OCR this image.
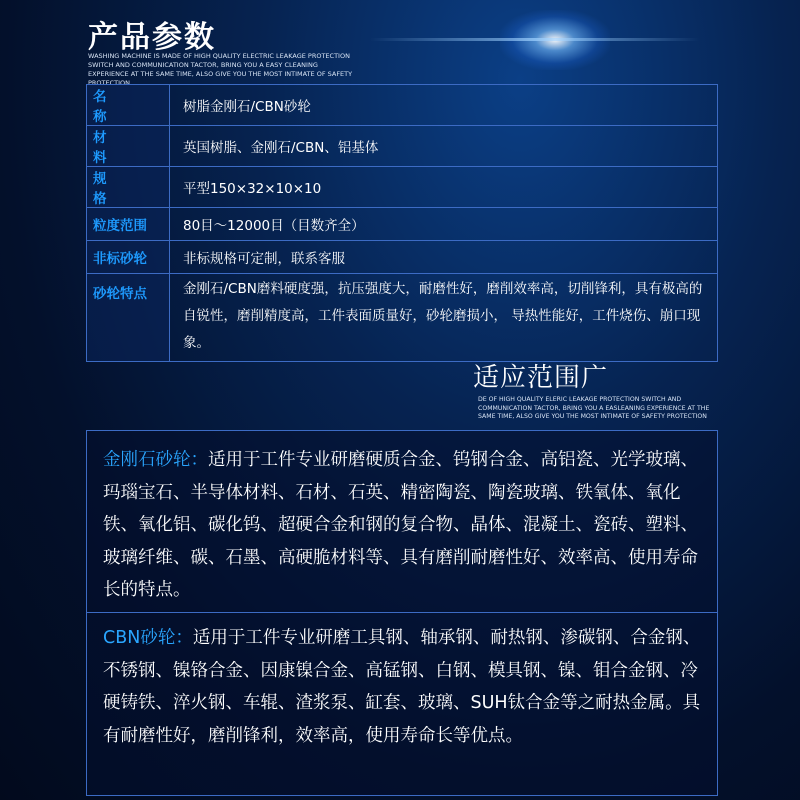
产品参数
WASHING MACHINE IS MADE OF HIGH QUALITY ELECTRIC LEAKAGE PROTECTION SWITCH AND COMMUNICATION TACTOR, BRING YOU A EASY CLEANING EXPERIENCE AT THE SAME TIME, ALSO GIVE YOU THE MOST INTIMATE OF SAFETY PROTECTION
名称	树脂金刚石/CBN砂轮
材料	英国树脂、金刚石/CBN、铝基体
规格	平型150×32×10×10
粒度范围	80目～12000目（目数齐全）
非标砂轮	非标规格可定制，联系客服
砂轮特点	金刚石/CBN磨料硬度强，抗压强度大，耐磨性好，磨削效率高，切削锋利，具有极高的自锐性，磨削精度高，工件表面质量好，砂轮磨损小， 导热性能好，工件烧伤、崩口现象。
适应范围广
DE OF HIGH QUALITY ELERIC LEAKAGE PROTECTION SWITCH AND COMMUNICATION TACTOR, BRING YOU A EASLEANING EXPERIENCE AT THE SAME TIME, ALSO GIVE YOU THE MOST INTIMATE OF SAFETY PROTECTION
金刚石砂轮：适用于工件专业研磨硬质合金、钨钢合金、高铝瓷、光学玻璃、玛瑙宝石、半导体材料、石材、石英、精密陶瓷、陶瓷玻璃、铁氧体、氧化铁、氧化铝、碳化钨、超硬合金和钢的复合物、晶体、混凝土、瓷砖、塑料、玻璃纤维、碳、石墨、高硬脆材料等、具有磨削耐磨性好、效率高、使用寿命长的特点。
CBN砂轮：适用于工件专业研磨工具钢、轴承钢、耐热钢、渗碳钢、合金钢、不锈钢、镍铬合金、因康镍合金、高锰钢、白钢、模具钢、镍、钼合金钢、冷硬铸铁、淬火钢、车辊、渣浆泵、缸套、玻璃、SUH钛合金等之耐热金属。具有耐磨性好，磨削锋利，效率高，使用寿命长等优点。
